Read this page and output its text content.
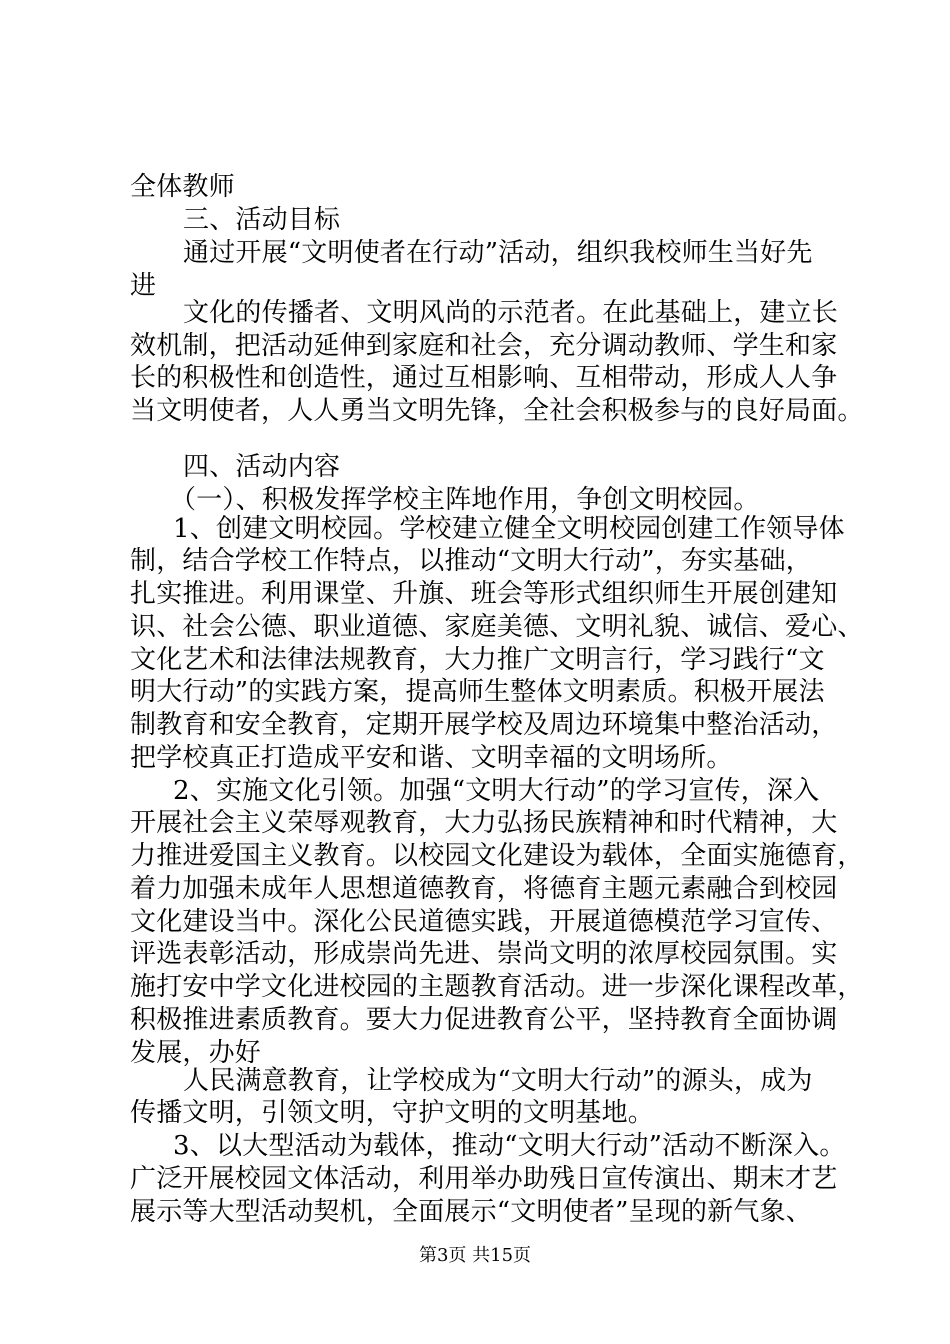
全体教师
三、活动目标
通过开展“文明使者在行动”活动，组织我校师生当好先
进
文化的传播者、文明风尚的示范者。在此基础上，建立长
效机制，把活动延伸到家庭和社会，充分调动教师、学生和家
长的积极性和创造性，通过互相影响、互相带动，形成人人争
当文明使者，人人勇当文明先锋，全社会积极参与的良好局面。
四、活动内容
（一）、积极发挥学校主阵地作用，争创文明校园。
1、创建文明校园。学校建立健全文明校园创建工作领导体
制，结合学校工作特点，以推动“文明大行动”，夯实基础，
扎实推进。利用课堂、升旗、班会等形式组织师生开展创建知
识、社会公德、职业道德、家庭美德、文明礼貌、诚信、爱心、
文化艺术和法律法规教育，大力推广文明言行，学习践行“文
明大行动”的实践方案，提高师生整体文明素质。积极开展法
制教育和安全教育，定期开展学校及周边环境集中整治活动，
把学校真正打造成平安和谐、文明幸福的文明场所。
2、实施文化引领。加强“文明大行动”的学习宣传，深入
开展社会主义荣辱观教育，大力弘扬民族精神和时代精神，大
力推进爱国主义教育。以校园文化建设为载体，全面实施德育，
着力加强未成年人思想道德教育，将德育主题元素融合到校园
文化建设当中。深化公民道德实践，开展道德模范学习宣传、
评选表彰活动，形成崇尚先进、崇尚文明的浓厚校园氛围。实
施打安中学文化进校园的主题教育活动。进一步深化课程改革，
积极推进素质教育。要大力促进教育公平，坚持教育全面协调
发展，办好
人民满意教育，让学校成为“文明大行动”的源头，成为
传播文明，引领文明，守护文明的文明基地。
3、以大型活动为载体，推动“文明大行动”活动不断深入。
广泛开展校园文体活动，利用举办助残日宣传演出、期末才艺
展示等大型活动契机，全面展示“文明使者”呈现的新气象、
第3页 共15页
